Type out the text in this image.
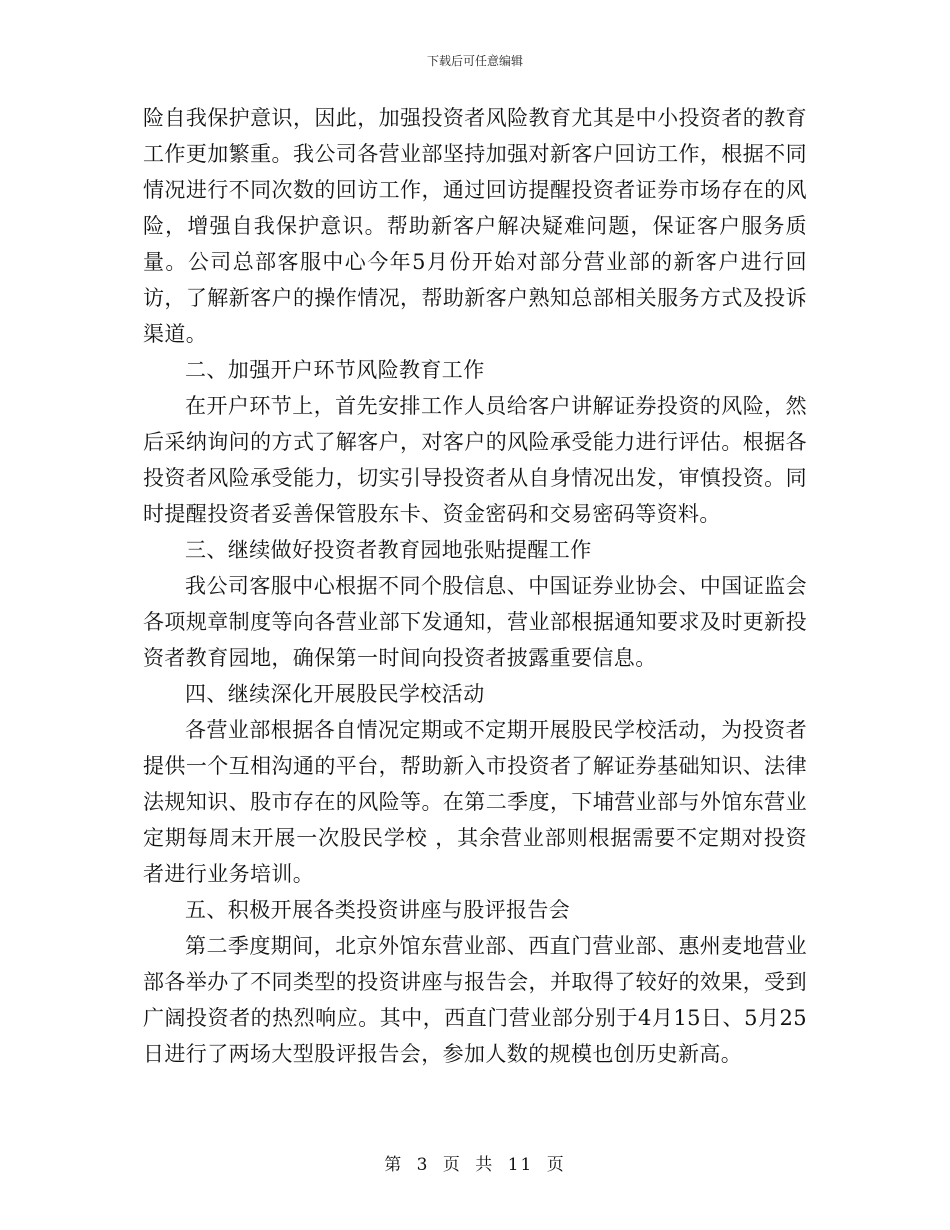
下载后可任意编辑

险自我保护意识，因此，加强投资者风险教育尤其是中小投资者的教育工作更加繁重。我公司各营业部坚持加强对新客户回访工作，根据不同情况进行不同次数的回访工作，通过回访提醒投资者证券市场存在的风险，增强自我保护意识。帮助新客户解决疑难问题，保证客户服务质量。公司总部客服中心今年5月份开始对部分营业部的新客户进行回访，了解新客户的操作情况，帮助新客户熟知总部相关服务方式及投诉渠道。

二、加强开户环节风险教育工作

在开户环节上，首先安排工作人员给客户讲解证券投资的风险，然后采纳询问的方式了解客户，对客户的风险承受能力进行评估。根据各投资者风险承受能力，切实引导投资者从自身情况出发，审慎投资。同时提醒投资者妥善保管股东卡、资金密码和交易密码等资料。

三、继续做好投资者教育园地张贴提醒工作

我公司客服中心根据不同个股信息、中国证券业协会、中国证监会各项规章制度等向各营业部下发通知，营业部根据通知要求及时更新投资者教育园地，确保第一时间向投资者披露重要信息。

四、继续深化开展股民学校活动

各营业部根据各自情况定期或不定期开展股民学校活动，为投资者提供一个互相沟通的平台，帮助新入市投资者了解证券基础知识、法律法规知识、股市存在的风险等。在第二季度，下埔营业部与外馆东营业定期每周末开展一次股民学校 ，其余营业部则根据需要不定期对投资者进行业务培训。

五、积极开展各类投资讲座与股评报告会

第二季度期间，北京外馆东营业部、西直门营业部、惠州麦地营业部各举办了不同类型的投资讲座与报告会，并取得了较好的效果，受到广阔投资者的热烈响应。其中，西直门营业部分别于4月15日、5月25日进行了两场大型股评报告会，参加人数的规模也创历史新高。

第 3 页 共 11 页
